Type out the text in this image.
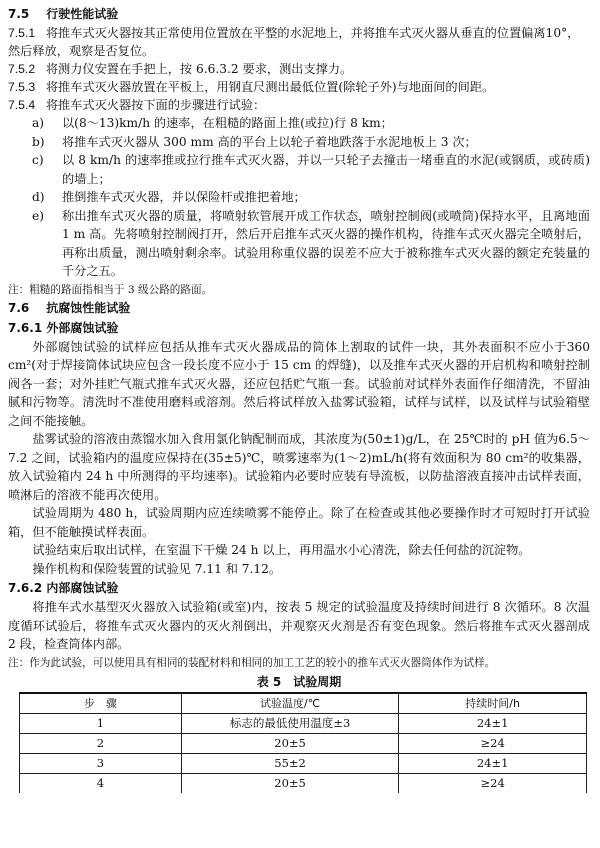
7.5 行驶性能试验
7.5.1 将推车式灭火器按其正常使用位置放在平整的水泥地上，并将推车式灭火器从垂直的位置偏离10°，然后释放，观察是否复位。
7.5.2 将测力仪安置在手把上，按 6.6.3.2 要求，测出支撑力。
7.5.3 将推车式灭火器放置在平板上，用钢直尺测出最低位置(除轮子外)与地面间的间距。
7.5.4 将推车式灭火器按下面的步骤进行试验：
a)	以(8～13)km/h 的速率，在粗糙的路面上推(或拉)行 8 km；
b)	将推车式灭火器从 300 mm 高的平台上以轮子着地跌落于水泥地板上 3 次；
c)	以 8 km/h 的速率推或拉行推车式灭火器，并以一只轮子去撞击一堵垂直的水泥(或钢质，或砖质)的墙上；
d)	推倒推车式灭火器，并以保险杆或推把着地；
e)	称出推车式灭火器的质量，将喷射软管展开成工作状态，喷射控制阀(或喷筒)保持水平，且离地面 1 m 高。先将喷射控制阀打开，然后开启推车式灭火器的操作机构，待推车式灭火器完全喷射后，再称出质量，测出喷射剩余率。试验用称重仪器的误差不应大于被称推车式灭火器的额定充装量的千分之五。
注：粗糙的路面指相当于 3 级公路的路面。
7.6 抗腐蚀性能试验
7.6.1 外部腐蚀试验
外部腐蚀试验的试样应包括从推车式灭火器成品的筒体上割取的试件一块，其外表面积不应小于360 cm²(对于焊接筒体试块应包含一段长度不应小于 15 cm 的焊缝)，以及推车式灭火器的开启机构和喷射控制阀各一套；对外挂贮气瓶式推车式灭火器，还应包括贮气瓶一套。试验前对试样外表面作仔细清洗，不留油腻和污物等。清洗时不准使用磨料或溶剂。然后将试样放入盐雾试验箱，试样与试样，以及试样与试验箱壁之间不能接触。
盐雾试验的溶液由蒸馏水加入食用氯化钠配制而成，其浓度为(50±1)g/L，在 25℃时的 pH 值为6.5～7.2 之间，试验箱内的温度应保持在(35±5)℃，喷雾速率为(1～2)mL/h(将有效面积为 80 cm²的收集器，放入试验箱内 24 h 中所测得的平均速率)。试验箱内必要时应装有导流板，以防盐溶液直接冲击试样表面，喷淋后的溶液不能再次使用。
试验周期为 480 h，试验周期内应连续喷雾不能停止。除了在检查或其他必要操作时才可短时打开试验箱，但不能触摸试样表面。
试验结束后取出试样，在室温下干燥 24 h 以上，再用温水小心清洗，除去任何盐的沉淀物。
操作机构和保险装置的试验见 7.11 和 7.12。
7.6.2 内部腐蚀试验
将推车式水基型灭火器放入试验箱(或室)内，按表 5 规定的试验温度及持续时间进行 8 次循环。8 次温度循环试验后，将推车式灭火器内的灭火剂倒出，并观察灭火剂是否有变色现象。然后将推车式灭火器剖成 2 段，检查筒体内部。
注：作为此试验，可以使用具有相同的装配材料和相同的加工工艺的较小的推车式灭火器筒体作为试样。
表 5　试验周期
步　骤	试验温度/℃	持续时间/h
1	标志的最低使用温度±3	24±1
2	20±5	≥24
3	55±2	24±1
4	20±5	≥24
